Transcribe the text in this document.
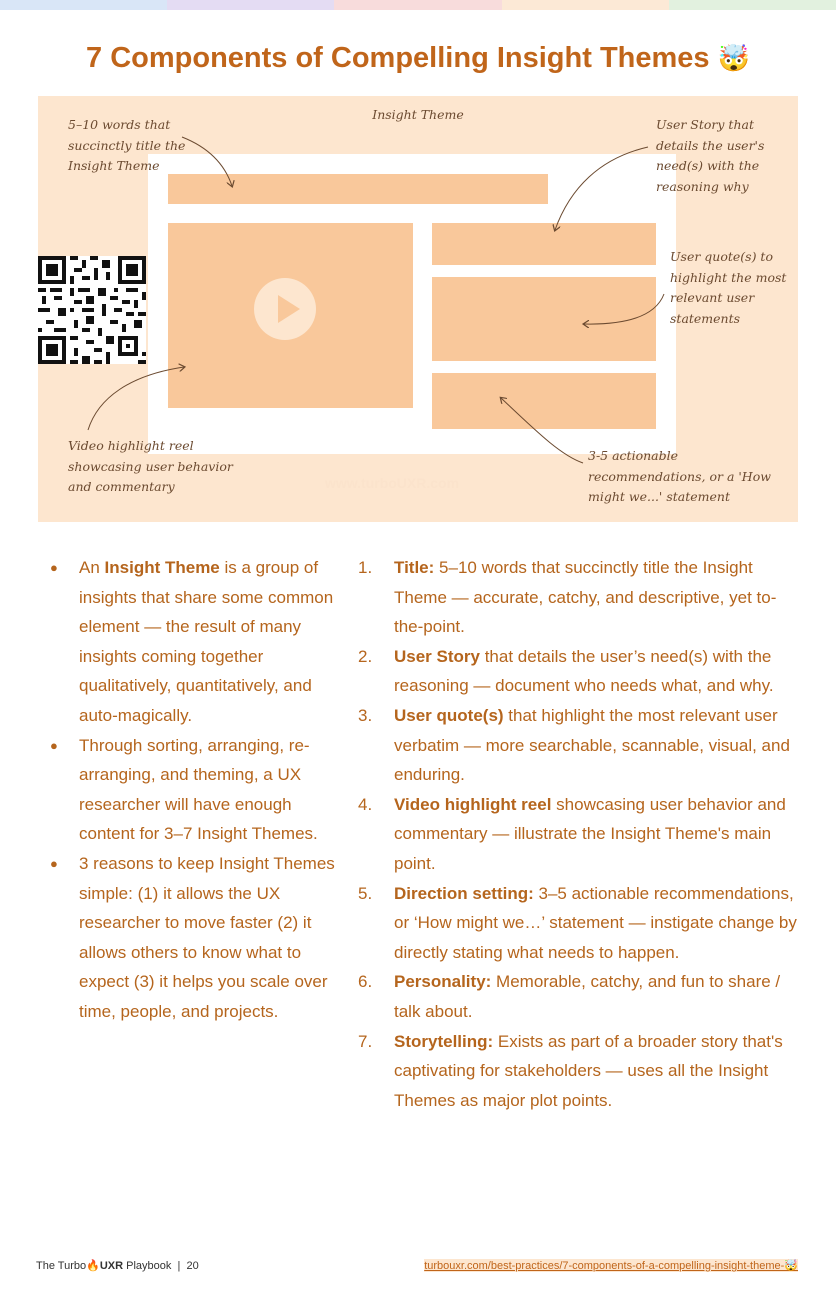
7 Components of Compelling Insight Themes 🤯
Insight Theme
5–10 words that
succinctly title the
Insight Theme
User Story that
details the user's
need(s) with the
reasoning why
User quote(s) to
highlight the most
relevant user
statements
Video highlight reel
showcasing user behavior
and commentary
3-5 actionable
recommendations, or a 'How
might we...' statement
www.turboUXR.com
● An Insight Theme is a group of insights that share some common element — the result of many insights coming together qualitatively, quantitatively, and auto-magically.
● Through sorting, arranging, re-arranging, and theming, a UX researcher will have enough content for 3–7 Insight Themes.
● 3 reasons to keep Insight Themes simple: (1) it allows the UX researcher to move faster (2) it allows others to know what to expect (3) it helps you scale over time, people, and projects.
1. Title: 5–10 words that succinctly title the Insight Theme — accurate, catchy, and descriptive, yet to-the-point.
2. User Story that details the user’s need(s) with the reasoning — document who needs what, and why.
3. User quote(s) that highlight the most relevant user verbatim — more searchable, scannable, visual, and enduring.
4. Video highlight reel showcasing user behavior and commentary — illustrate the Insight Theme's main point.
5. Direction setting: 3–5 actionable recommendations, or ‘How might we…’ statement — instigate change by directly stating what needs to happen.
6. Personality: Memorable, catchy, and fun to share / talk about.
7. Storytelling: Exists as part of a broader story that's captivating for stakeholders — uses all the Insight Themes as major plot points.
The Turbo🔥UXR Playbook | 20	turbouxr.com/best-practices/7-components-of-a-compelling-insight-theme-🤯
